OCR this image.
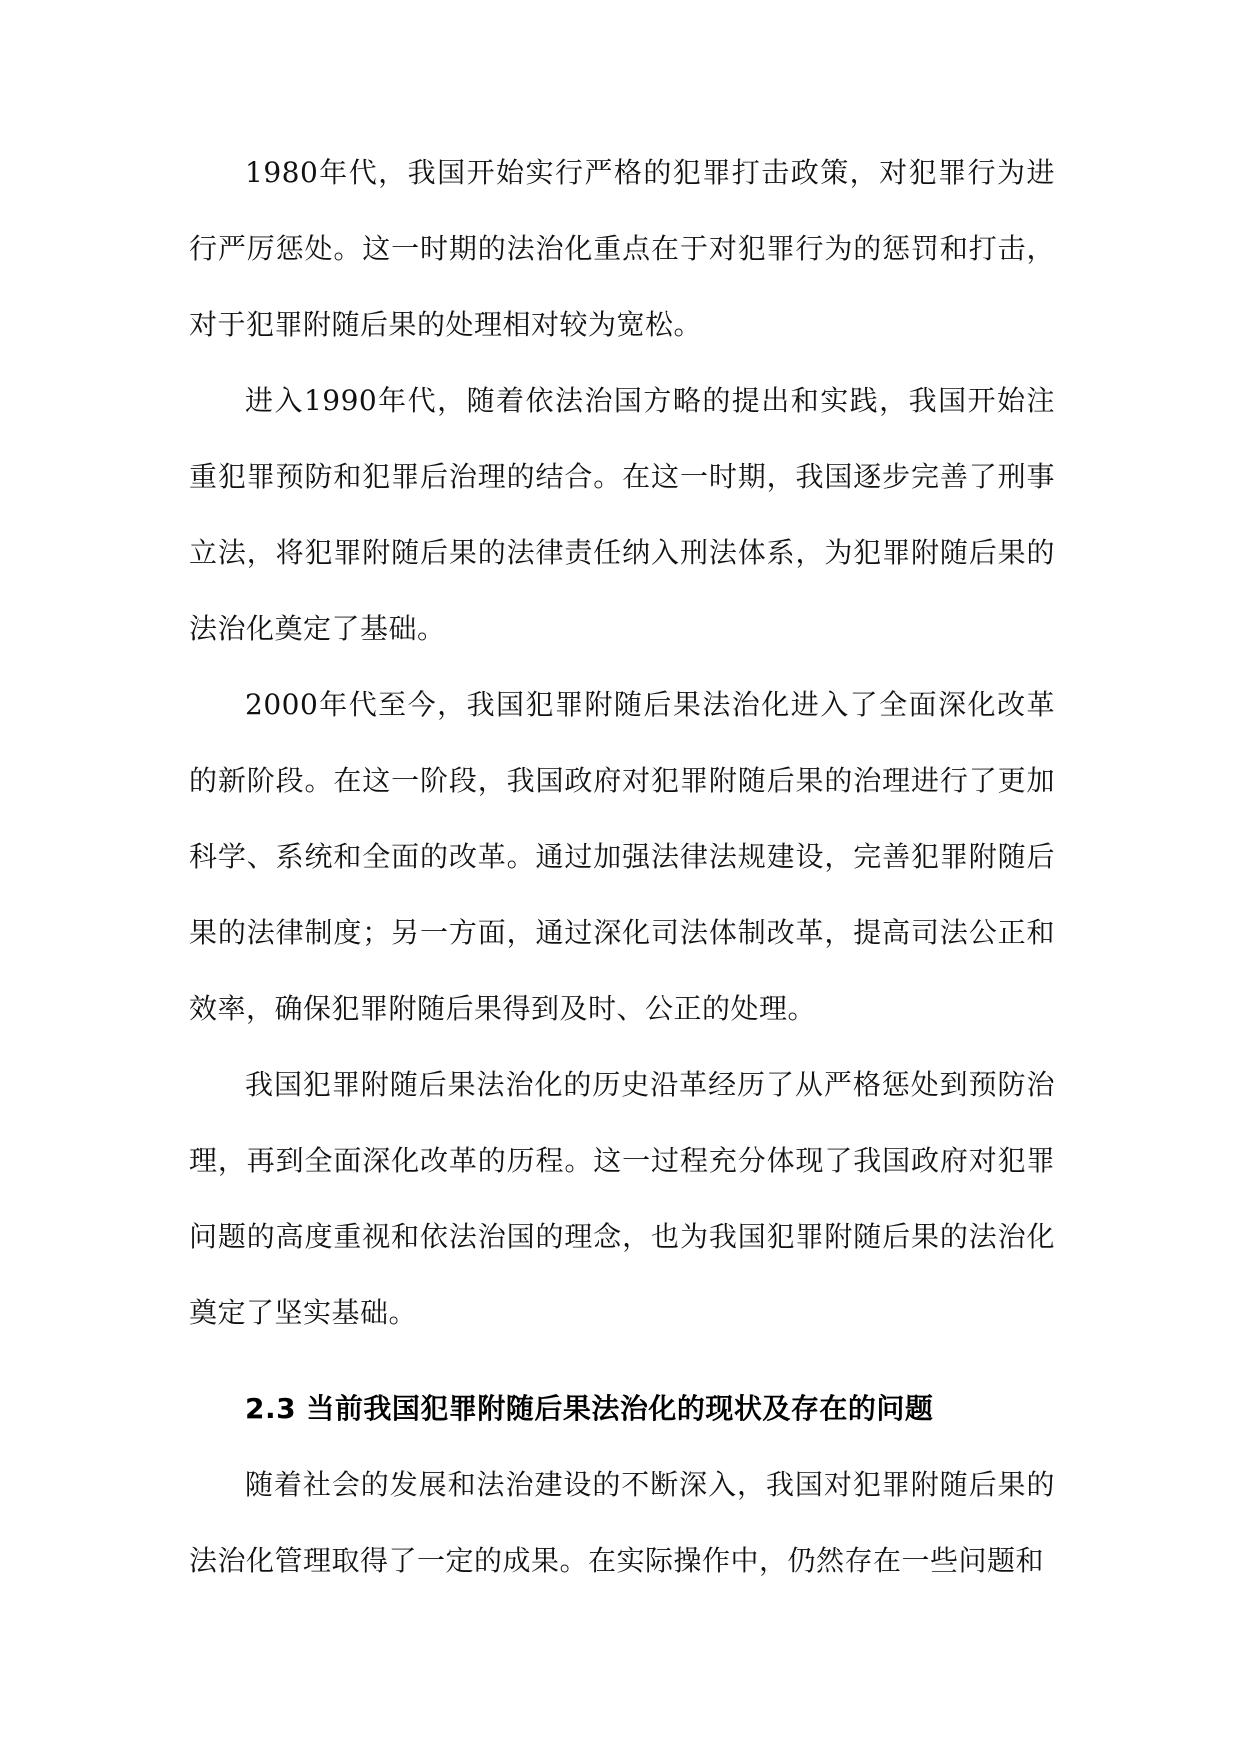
1980年代，我国开始实行严格的犯罪打击政策，对犯罪行为进行严厉惩处。这一时期的法治化重点在于对犯罪行为的惩罚和打击，对于犯罪附随后果的处理相对较为宽松。

进入1990年代，随着依法治国方略的提出和实践，我国开始注重犯罪预防和犯罪后治理的结合。在这一时期，我国逐步完善了刑事立法，将犯罪附随后果的法律责任纳入刑法体系，为犯罪附随后果的法治化奠定了基础。

2000年代至今，我国犯罪附随后果法治化进入了全面深化改革的新阶段。在这一阶段，我国政府对犯罪附随后果的治理进行了更加科学、系统和全面的改革。通过加强法律法规建设，完善犯罪附随后果的法律制度；另一方面，通过深化司法体制改革，提高司法公正和效率，确保犯罪附随后果得到及时、公正的处理。

我国犯罪附随后果法治化的历史沿革经历了从严格惩处到预防治理，再到全面深化改革的历程。这一过程充分体现了我国政府对犯罪问题的高度重视和依法治国的理念，也为我国犯罪附随后果的法治化奠定了坚实基础。

2.3 当前我国犯罪附随后果法治化的现状及存在的问题

随着社会的发展和法治建设的不断深入，我国对犯罪附随后果的法治化管理取得了一定的成果。在实际操作中，仍然存在一些问题和
